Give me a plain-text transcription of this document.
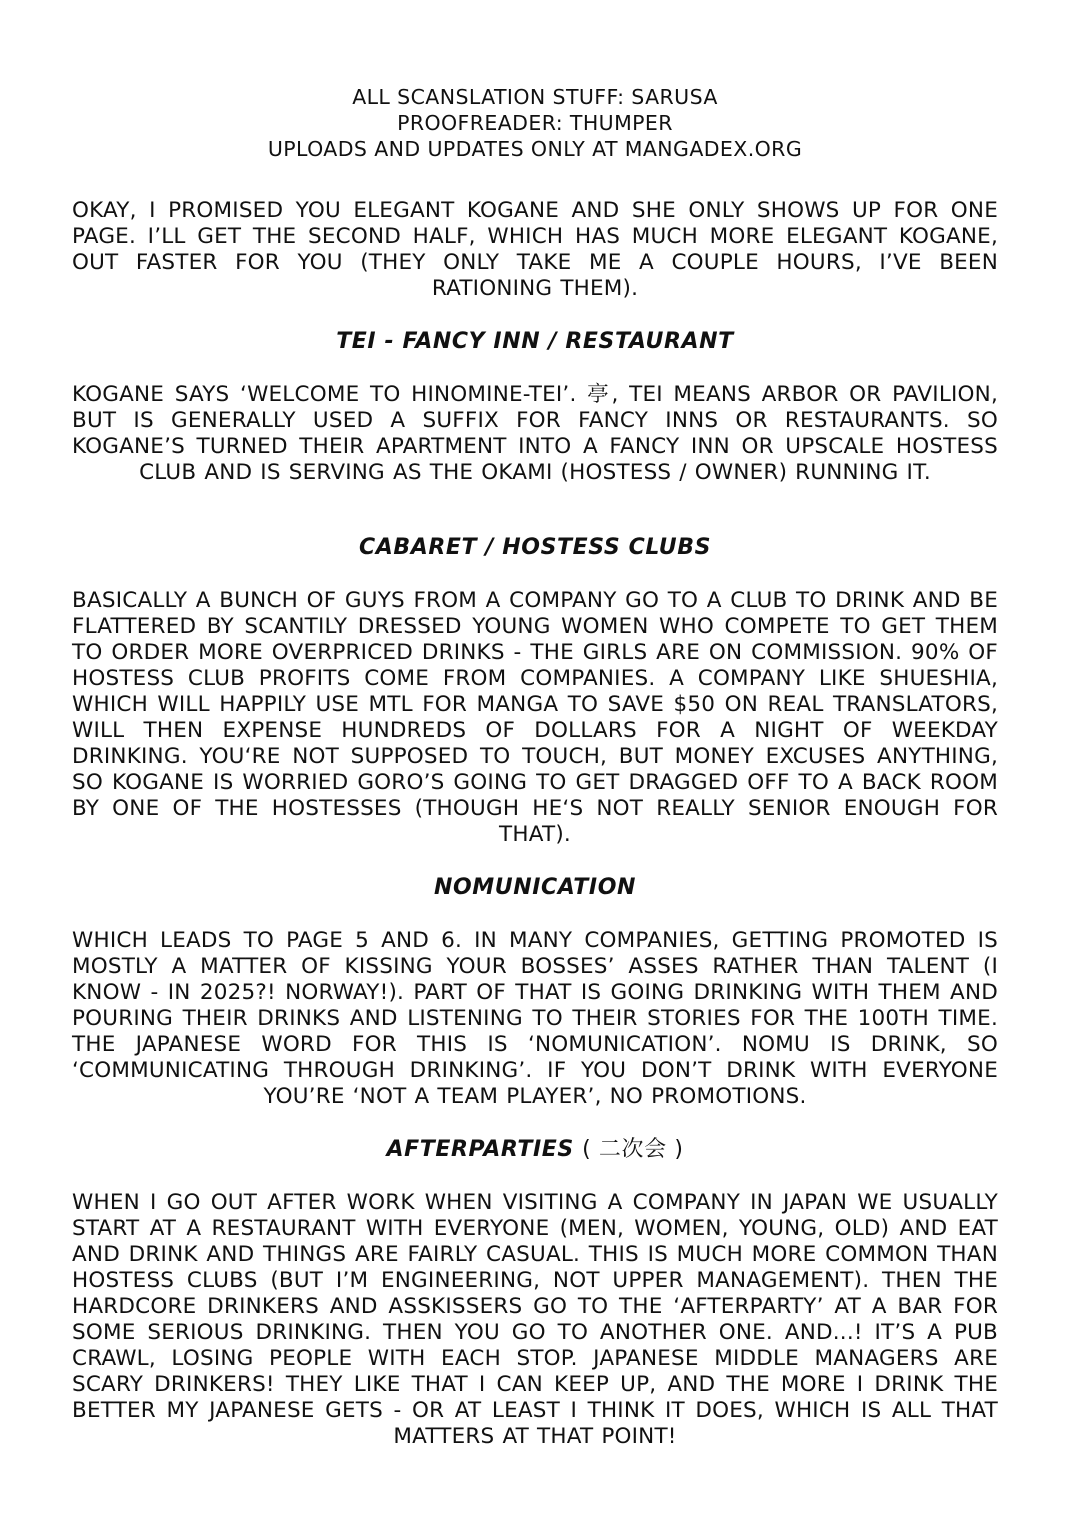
ALL SCANSLATION STUFF: SARUSA
PROOFREADER: THUMPER
UPLOADS AND UPDATES ONLY AT MANGADEX.ORG

OKAY, I PROMISED YOU ELEGANT KOGANE AND SHE ONLY SHOWS UP FOR ONE PAGE. I’LL GET THE SECOND HALF, WHICH HAS MUCH MORE ELEGANT KOGANE, OUT FASTER FOR YOU (THEY ONLY TAKE ME A COUPLE HOURS, I’VE BEEN RATIONING THEM).

TEI - FANCY INN / RESTAURANT

KOGANE SAYS ‘WELCOME TO HINOMINE-TEI’. 亭, TEI MEANS ARBOR OR PAVILION, BUT IS GENERALLY USED A SUFFIX FOR FANCY INNS OR RESTAURANTS. SO KOGANE’S TURNED THEIR APARTMENT INTO A FANCY INN OR UPSCALE HOSTESS CLUB AND IS SERVING AS THE OKAMI (HOSTESS / OWNER) RUNNING IT.

CABARET / HOSTESS CLUBS

BASICALLY A BUNCH OF GUYS FROM A COMPANY GO TO A CLUB TO DRINK AND BE FLATTERED BY SCANTILY DRESSED YOUNG WOMEN WHO COMPETE TO GET THEM TO ORDER MORE OVERPRICED DRINKS - THE GIRLS ARE ON COMMISSION. 90% OF HOSTESS CLUB PROFITS COME FROM COMPANIES. A COMPANY LIKE SHUESHIA, WHICH WILL HAPPILY USE MTL FOR MANGA TO SAVE $50 ON REAL TRANSLATORS, WILL THEN EXPENSE HUNDREDS OF DOLLARS FOR A NIGHT OF WEEKDAY DRINKING. YOU‘RE NOT SUPPOSED TO TOUCH, BUT MONEY EXCUSES ANYTHING, SO KOGANE IS WORRIED GORO’S GOING TO GET DRAGGED OFF TO A BACK ROOM BY ONE OF THE HOSTESSES (THOUGH HE‘S NOT REALLY SENIOR ENOUGH FOR THAT).

NOMUNICATION

WHICH LEADS TO PAGE 5 AND 6. IN MANY COMPANIES, GETTING PROMOTED IS MOSTLY A MATTER OF KISSING YOUR BOSSES’ ASSES RATHER THAN TALENT (I KNOW - IN 2025?! NORWAY!). PART OF THAT IS GOING DRINKING WITH THEM AND POURING THEIR DRINKS AND LISTENING TO THEIR STORIES FOR THE 100TH TIME. THE JAPANESE WORD FOR THIS IS ‘NOMUNICATION’. NOMU IS DRINK, SO ‘COMMUNICATING THROUGH DRINKING’. IF YOU DON’T DRINK WITH EVERYONE YOU’RE ‘NOT A TEAM PLAYER’, NO PROMOTIONS.

AFTERPARTIES ( 二次会 )

WHEN I GO OUT AFTER WORK WHEN VISITING A COMPANY IN JAPAN WE USUALLY START AT A RESTAURANT WITH EVERYONE (MEN, WOMEN, YOUNG, OLD) AND EAT AND DRINK AND THINGS ARE FAIRLY CASUAL. THIS IS MUCH MORE COMMON THAN HOSTESS CLUBS (BUT I’M ENGINEERING, NOT UPPER MANAGEMENT). THEN THE HARDCORE DRINKERS AND ASSKISSERS GO TO THE ‘AFTERPARTY’ AT A BAR FOR SOME SERIOUS DRINKING. THEN YOU GO TO ANOTHER ONE. AND...! IT’S A PUB CRAWL, LOSING PEOPLE WITH EACH STOP. JAPANESE MIDDLE MANAGERS ARE SCARY DRINKERS! THEY LIKE THAT I CAN KEEP UP, AND THE MORE I DRINK THE BETTER MY JAPANESE GETS - OR AT LEAST I THINK IT DOES, WHICH IS ALL THAT MATTERS AT THAT POINT!
